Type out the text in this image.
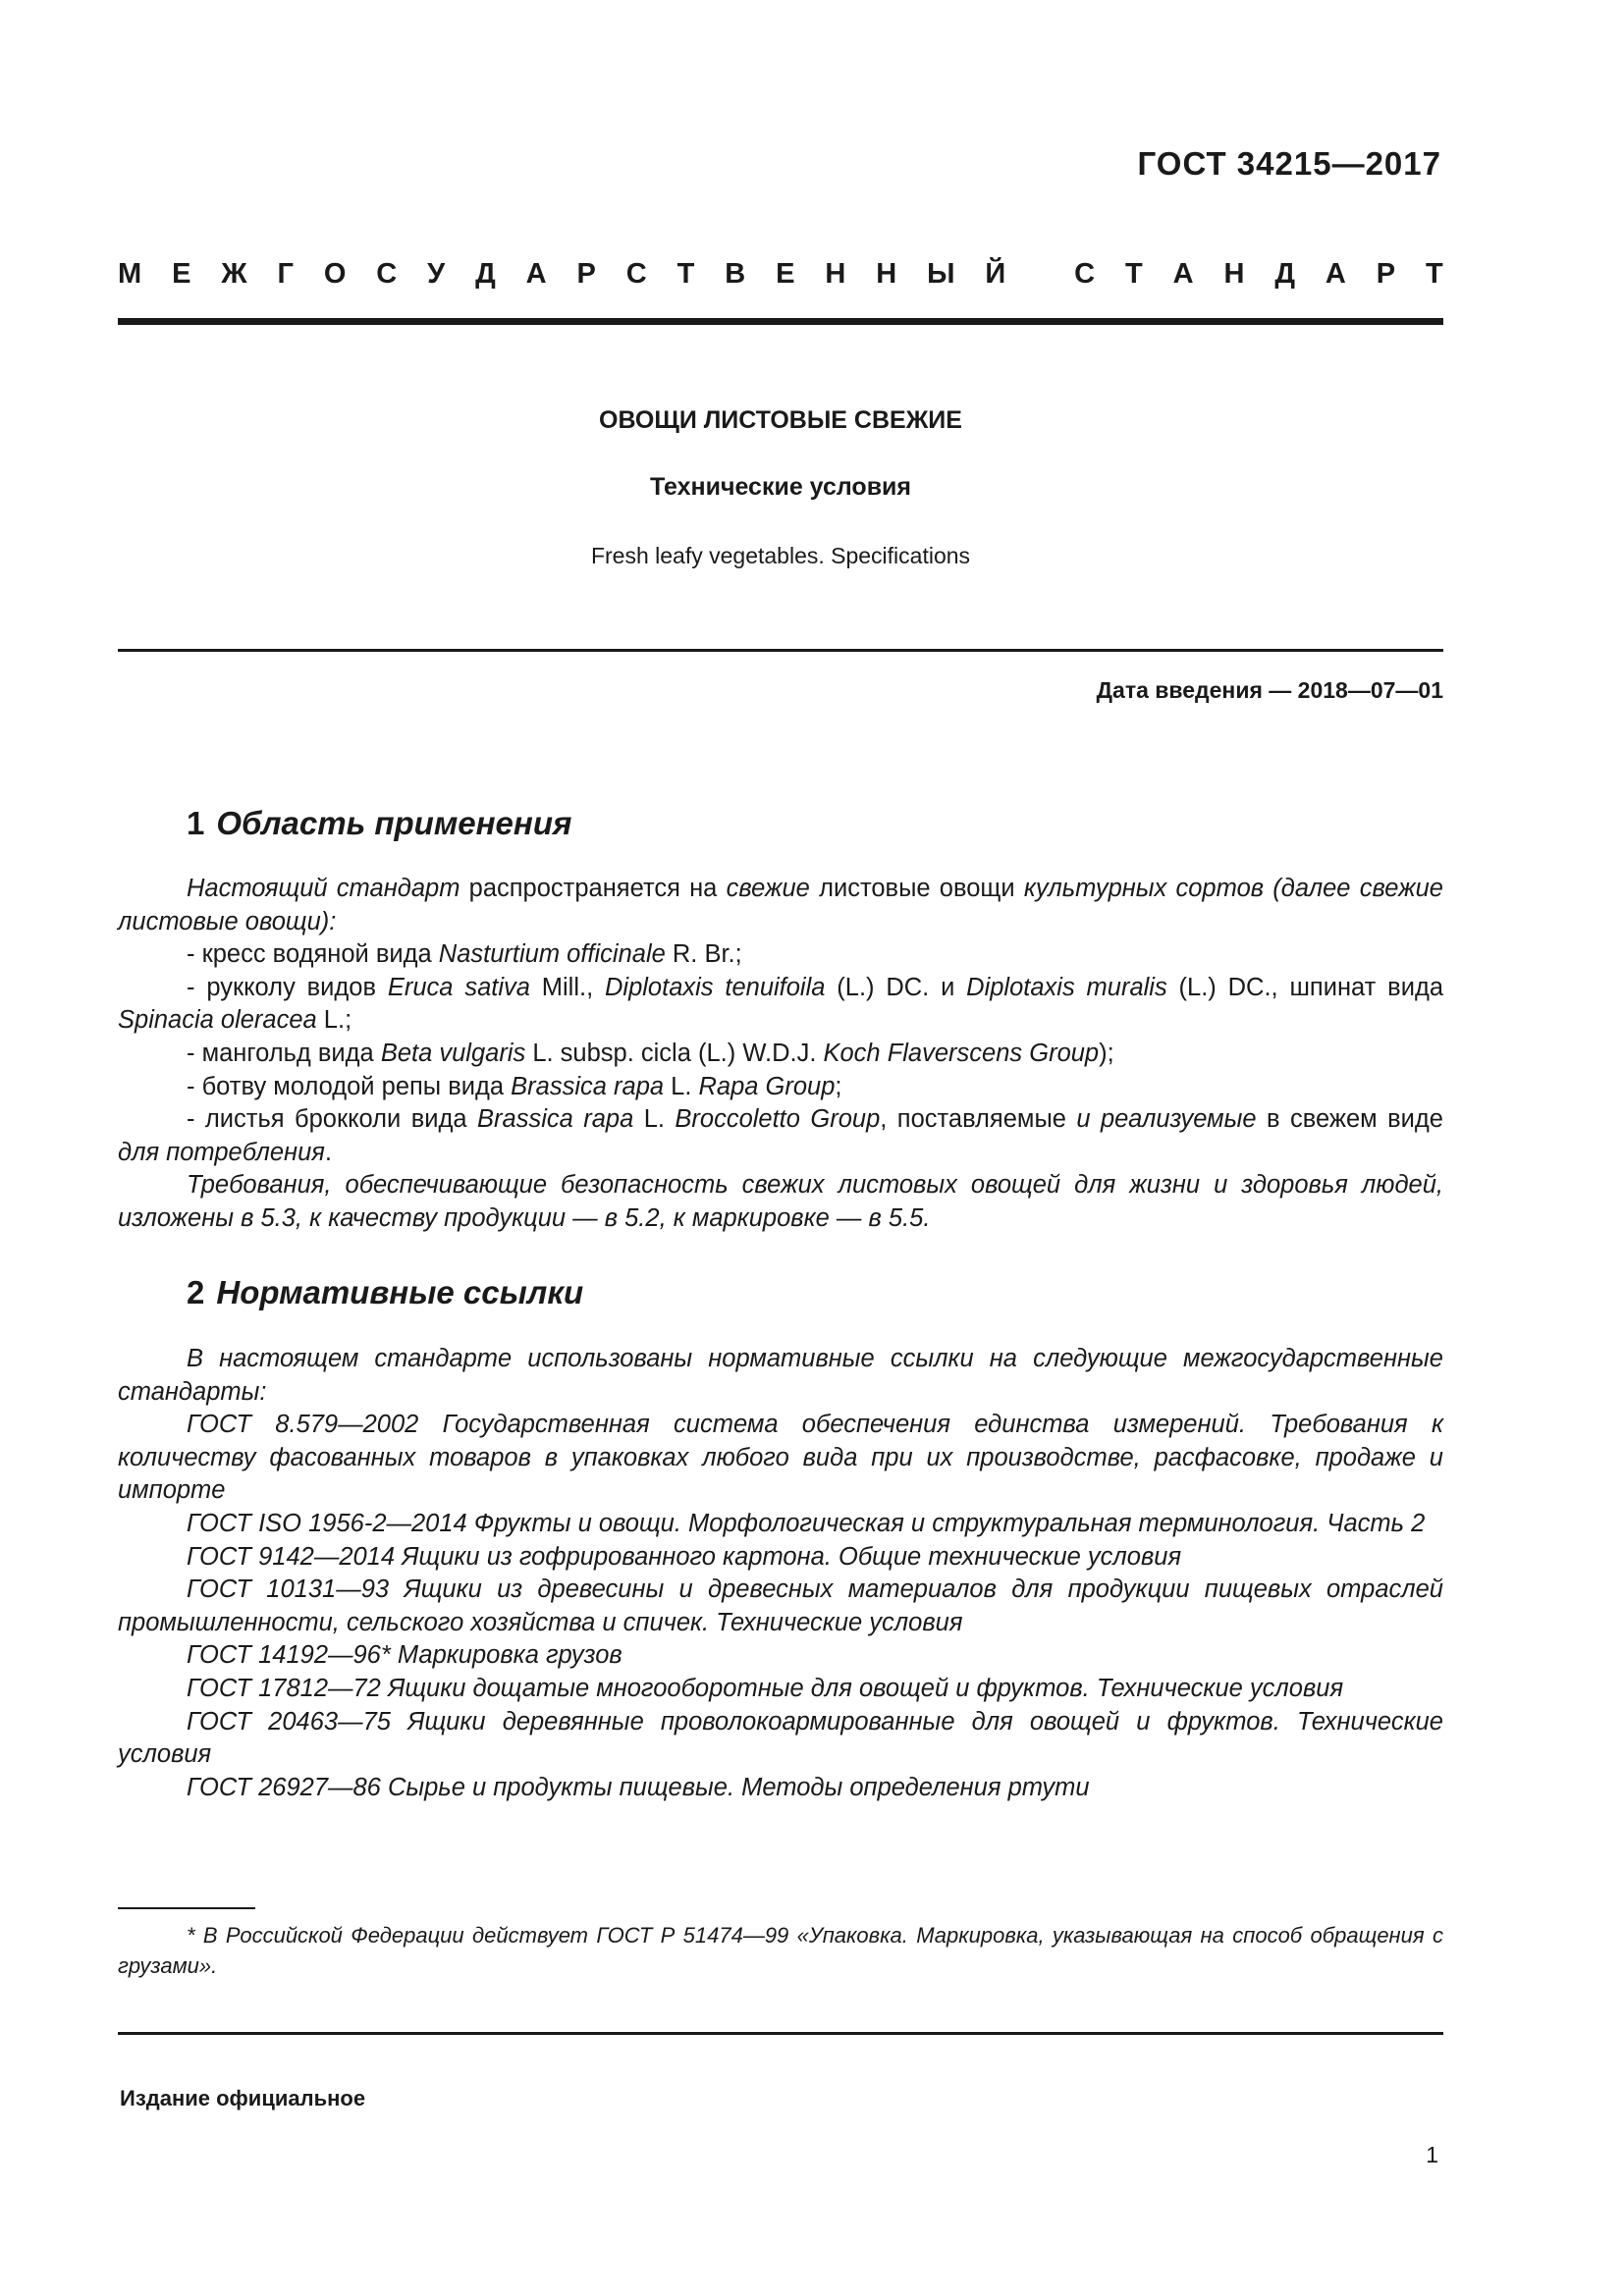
ГОСТ 34215—2017
М Е Ж Г О С У Д А Р С Т В Е Н Н Ы Й
С Т А Н Д А Р Т
ОВОЩИ ЛИСТОВЫЕ СВЕЖИЕ
Технические условия
Fresh leafy vegetables. Specifications
Дата введения — 2018—07—01
1 Область применения

Настоящий стандарт распространяется на свежие листовые овощи культурных сортов (далее свежие листовые овощи):

- кресс водяной вида Nasturtium officinale R. Br.;

- рукколу видов Eruca sativa Mill., Diplotaxis tenuifoila (L.) DC. и Diplotaxis muralis (L.) DC., шпинат вида Spinacia oleracea L.;

- мангольд вида Beta vulgaris L. subsp. cicla (L.) W.D.J. Koch Flaverscens Group);

- ботву молодой репы вида Brassica rapa L. Rapa Group;

- листья брокколи вида Brassica rapa L. Broccoletto Group, поставляемые и реализуемые в свежем виде для потребления.

Требования, обеспечивающие безопасность свежих листовых овощей для жизни и здоровья людей, изложены в 5.3, к качеству продукции — в 5.2, к маркировке — в 5.5.

2 Нормативные ссылки

В настоящем стандарте использованы нормативные ссылки на следующие межгосударственные стандарты:

ГОСТ 8.579—2002 Государственная система обеспечения единства измерений. Требования к количеству фасованных товаров в упаковках любого вида при их производстве, расфасовке, продаже и импорте

ГОСТ ISO 1956-2—2014 Фрукты и овощи. Морфологическая и структуральная терминология. Часть 2

ГОСТ 9142—2014 Ящики из гофрированного картона. Общие технические условия

ГОСТ 10131—93 Ящики из древесины и древесных материалов для продукции пищевых отраслей промышленности, сельского хозяйства и спичек. Технические условия

ГОСТ 14192—96* Маркировка грузов

ГОСТ 17812—72 Ящики дощатые многооборотные для овощей и фруктов. Технические условия

ГОСТ 20463—75 Ящики деревянные проволокоармированные для овощей и фруктов. Технические условия

ГОСТ 26927—86 Сырье и продукты пищевые. Методы определения ртути

* В Российской Федерации действует ГОСТ Р 51474—99 «Упаковка. Маркировка, указывающая на способ обращения с грузами».

Издание официальное
1
